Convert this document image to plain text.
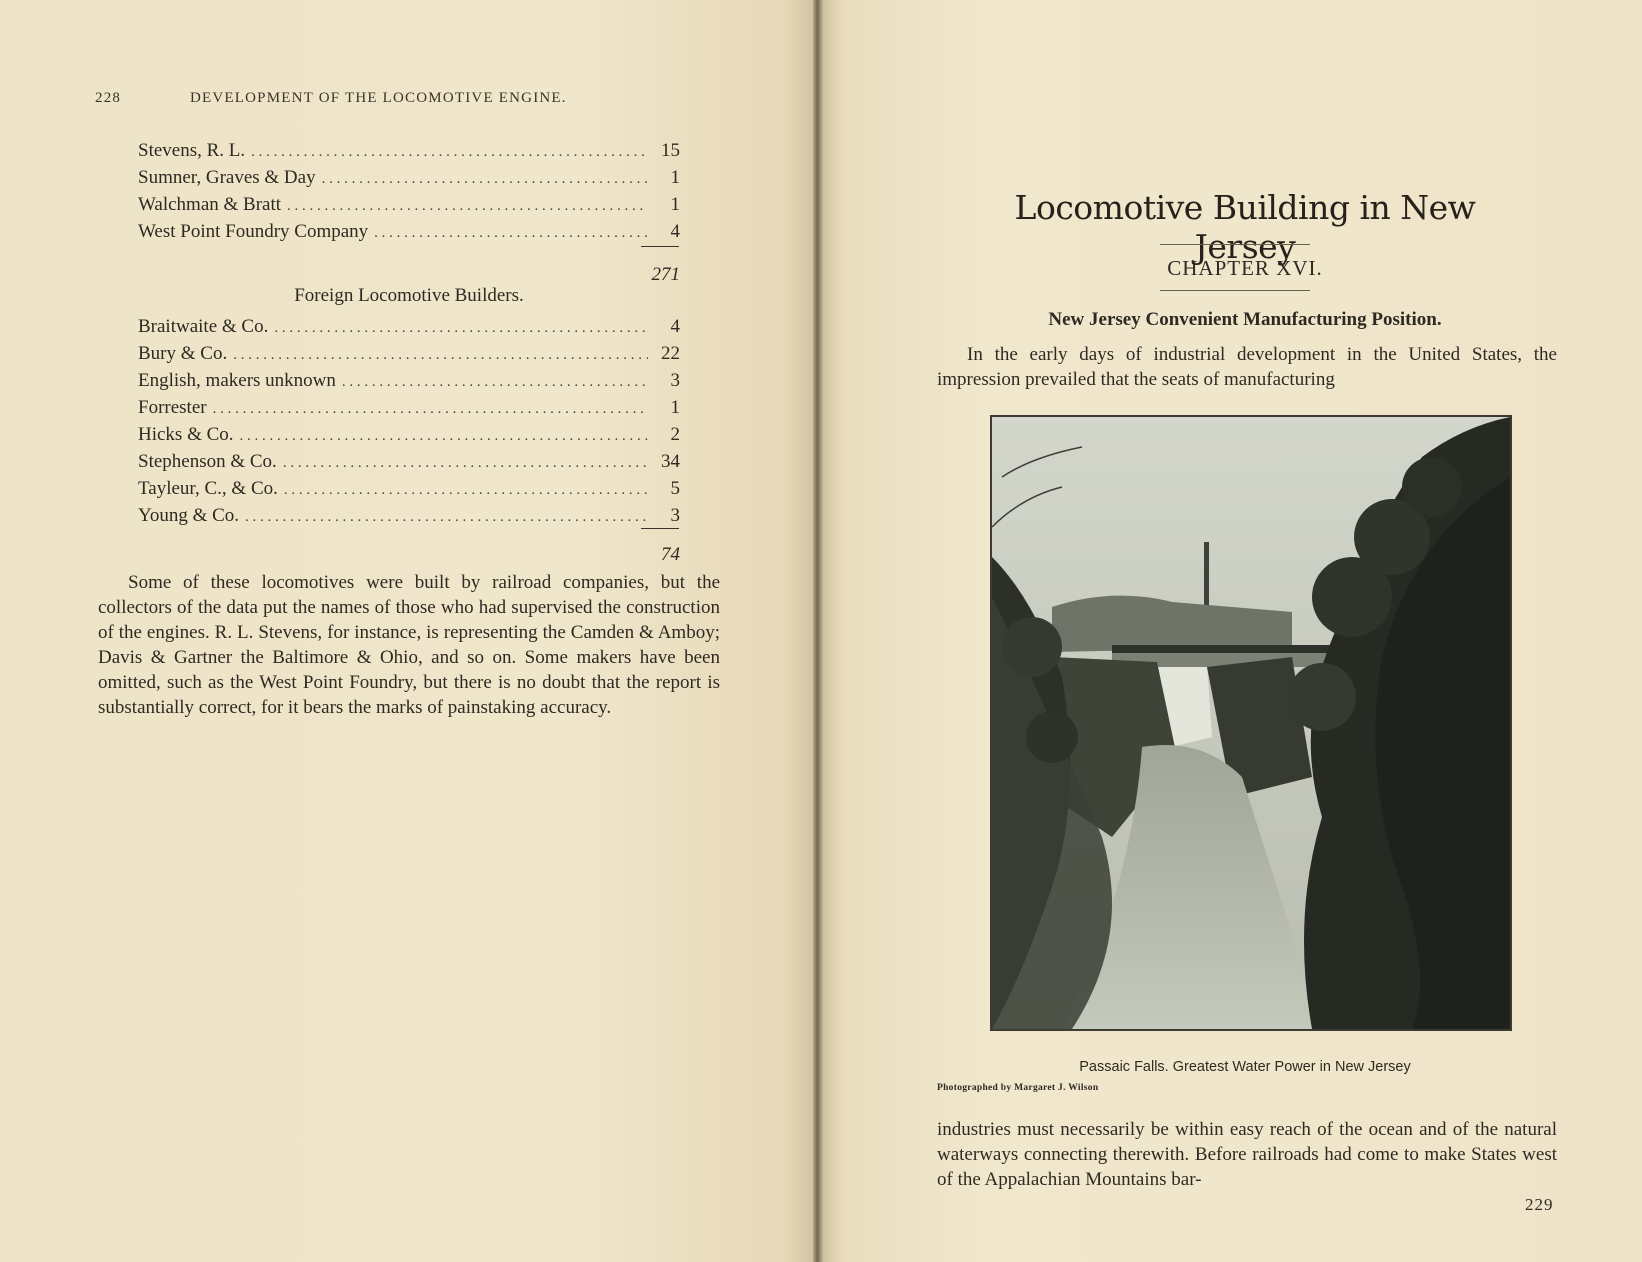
228	DEVELOPMENT OF THE LOCOMOTIVE ENGINE.
Stevens, R. L. . . .	15
Sumner, Graves & Day . . .	1
Walchman & Bratt . . .	1
West Point Foundry Company . . .	4
271
Foreign Locomotive Builders.
Braitwaite & Co. . . .	4
Bury & Co. . . .	22
English, makers unknown . . .	3
Forrester . . .	1
Hicks & Co. . . .	2
Stephenson & Co. . . .	34
Tayleur, C., & Co. . . .	5
Young & Co. . . .	3
74
Some of these locomotives were built by railroad companies, but the collectors of the data put the names of those who had supervised the construction of the engines. R. L. Stevens, for instance, is representing the Camden & Amboy; Davis & Gartner the Baltimore & Ohio, and so on. Some makers have been omitted, such as the West Point Foundry, but there is no doubt that the report is substantially correct, for it bears the marks of painstaking accuracy.
Locomotive Building in New Jersey
CHAPTER XVI.
New Jersey Convenient Manufacturing Position.
In the early days of industrial development in the United States, the impression prevailed that the seats of manufacturing
Passaic Falls. Greatest Water Power in New Jersey
Photographed by Margaret J. Wilson
industries must necessarily be within easy reach of the ocean and of the natural waterways connecting therewith. Before railroads had come to make States west of the Appalachian Mountains bar-
229
